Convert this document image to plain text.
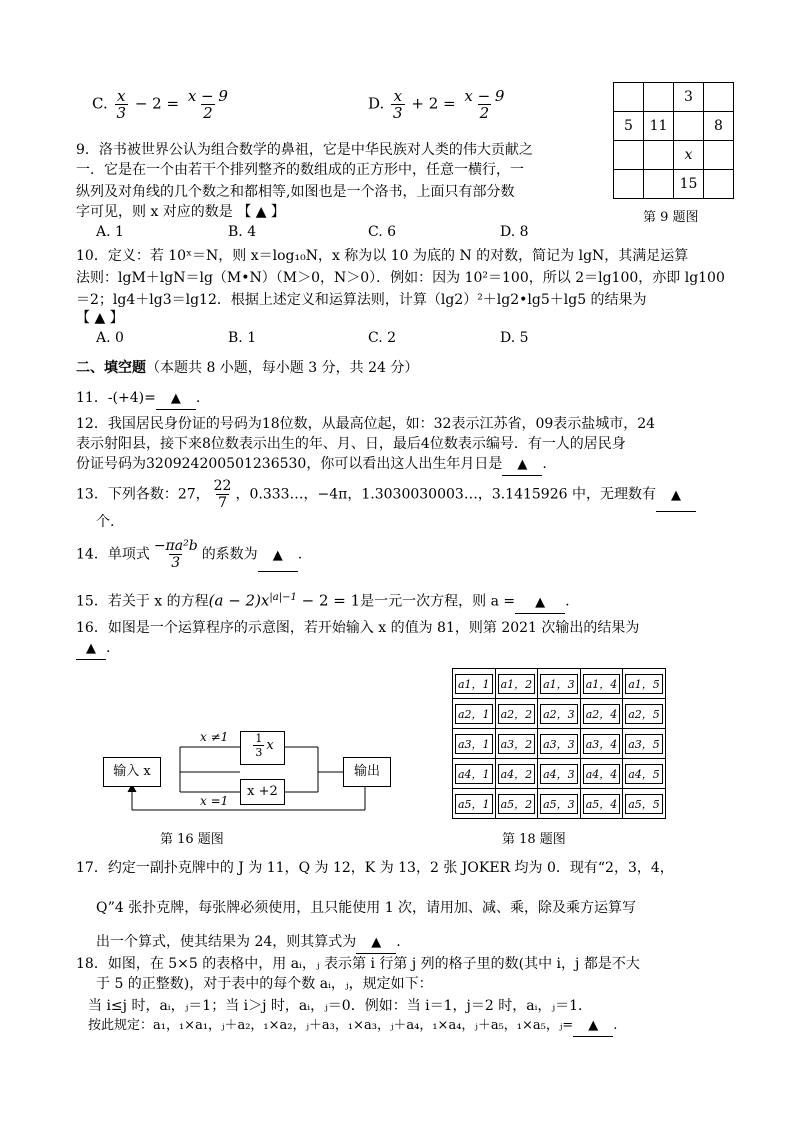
C. $\frac{x}{3} - 2 = \frac{x - 9}{2}$	D. $\frac{x}{3} + 2 = \frac{x - 9}{2}$
			3	
5	11		8
		x	
		15	
第 9 题图
9．洛书被世界公认为组合数学的鼻祖，它是中华民族对人类的伟大贡献之
一．它是在一个由若干个排列整齐的数组成的正方形中，任意一横行，一
纵列及对角线的几个数之和都相等,如图也是一个洛书，上面只有部分数
字可见，则 x 对应的数是 【 ▲ 】
A. 1	B. 4	C. 6	D. 8
10．定义：若 10ˣ＝N，则 x＝log₁₀N，x 称为以 10 为底的 N 的对数，简记为 lgN，其满足运算
法则：lgM＋lgN＝lg（M•N）（M＞0，N＞0）．例如：因为 10²＝100，所以 2＝lg100，亦即 lg100
＝2；lg4＋lg3＝lg12．根据上述定义和运算法则，计算（lg2）²＋lg2•lg5＋lg5 的结果为
【 ▲ 】
A. 0	B. 1	C. 2	D. 5
二、填空题（本题共 8 小题，每小题 3 分，共 24 分）
11．-(+4)= ▲ .
12．我国居民身份证的号码为18位数，从最高位起，如：32表示江苏省，09表示盐城市，24
表示射阳县，接下来8位数表示出生的年、月、日，最后4位数表示编号．有一人的居民身
份证号码为320924200501236530，你可以看出这人出生年月日是 ▲ .
13．下列各数：27， $\frac{22}{7}$ ，0.333…，−4π，1.3030030003…，3.1415926 中，无理数有 ▲
个.
14．单项式 $\frac{\text{−πa²b}}{3}$ 的系数为 ▲ .
15．若关于 x 的方程$(a - 2)x^{|a|-1} - 2 = 1$是一元一次方程，则 a = ▲ .
16．如图是一个运算程序的示意图，若开始输入 x 的值为 81，则第 2021 次输出的结果为
▲ .
输入 x	输出
$\frac{1}{3}$ x
x +2
x ≠1
x =1
第 16 题图
a1，1	a1，2	a1，3	a1，4	a1，5
a2，1	a2，2	a2，3	a2，4	a2，5
a3，1	a3，2	a3，3	a3，4	a3，5
a4，1	a4，2	a4，3	a4，4	a4，5
a5，1	a5，2	a5，3	a5，4	a5，5
第 18 题图
17．约定一副扑克牌中的 J 为 11，Q 为 12，K 为 13，2 张 JOKER 均为 0．现有“2，3，4，
Q”4 张扑克牌，每张牌必须使用，且只能使用 1 次，请用加、减、乘，除及乘方运算写
出一个算式，使其结果为 24，则其算式为 ▲ .
18．如图，在 5×5 的表格中，用 aᵢ，ⱼ 表示第 i 行第 j 列的格子里的数(其中 i，j 都是不大
于 5 的正整数)，对于表中的每个数 aᵢ，ⱼ，规定如下：
当 i≤j 时，aᵢ，ⱼ＝1；当 i＞j 时，aᵢ，ⱼ＝0．例如：当 i＝1，j＝2 时，aᵢ，ⱼ＝1．
按此规定：a₁，₁×a₁，ⱼ＋a₂，₁×a₂，ⱼ＋a₃，₁×a₃，ⱼ＋a₄，₁×a₄，ⱼ＋a₅，₁×a₅，ⱼ= ▲ .
